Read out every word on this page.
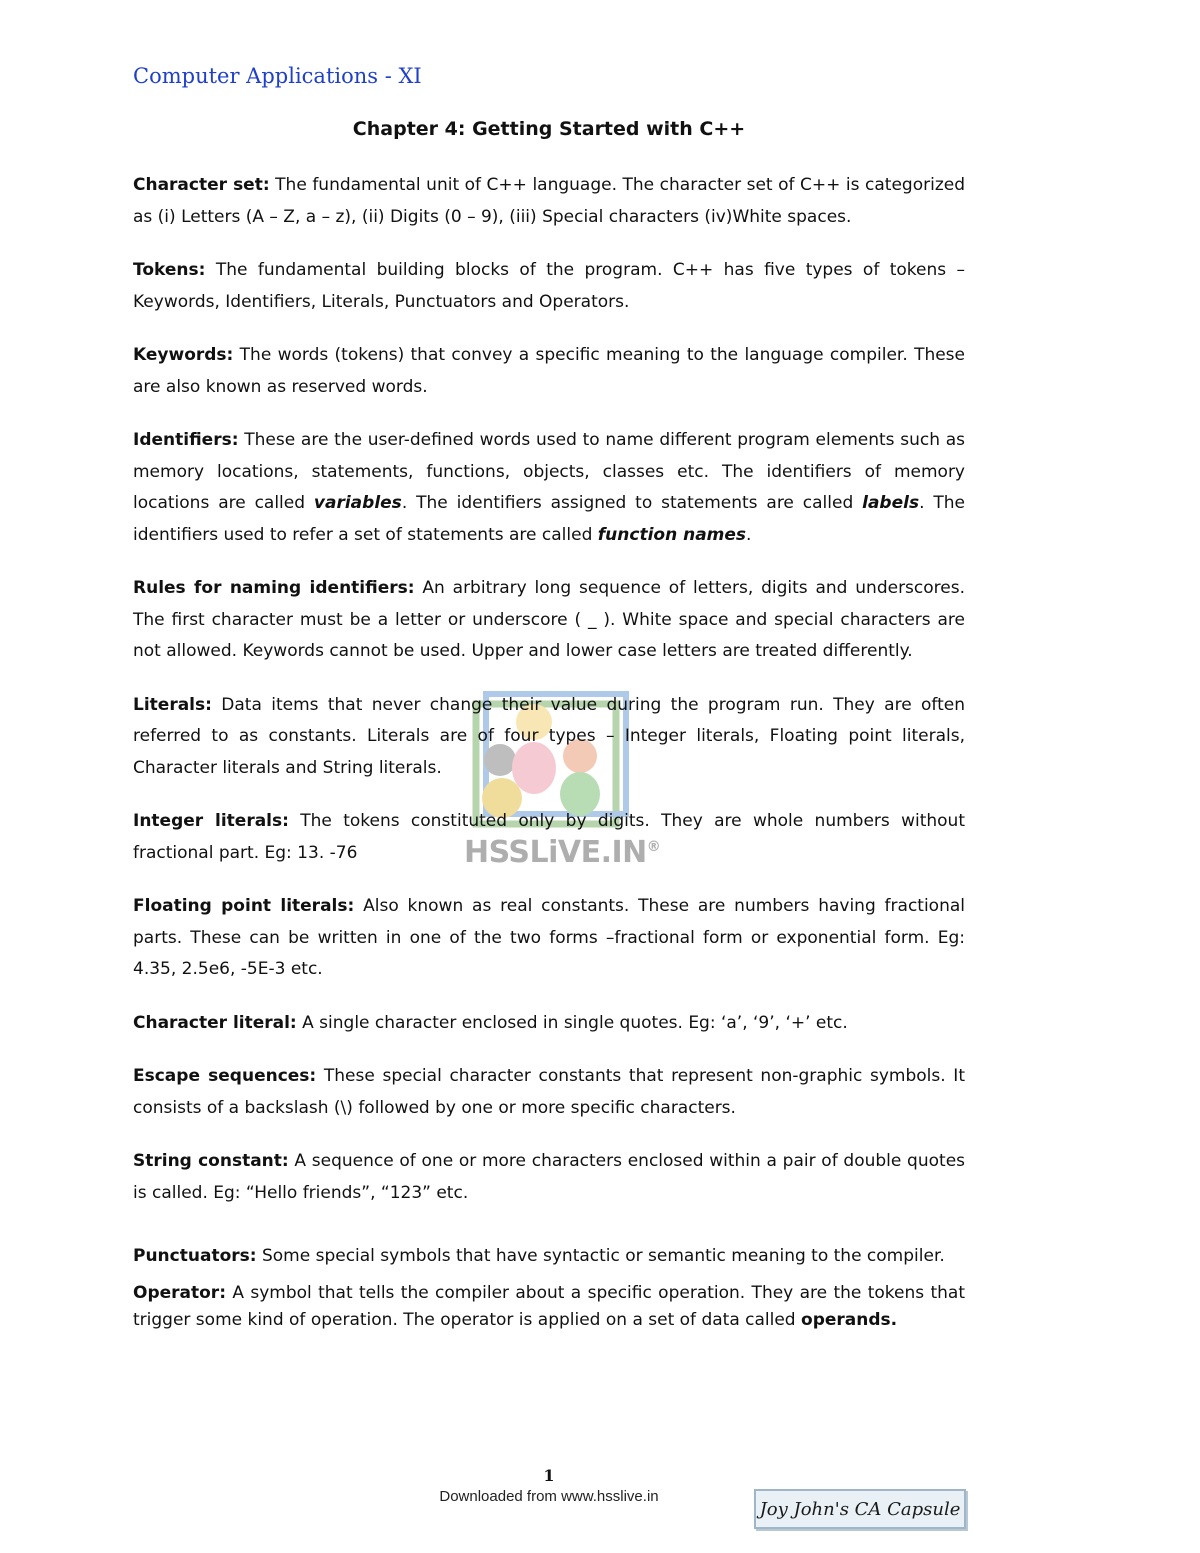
Computer Applications - XI
Chapter 4: Getting Started with C++
HSSLiVE.IN®

Character set: The fundamental unit of C++ language. The character set of C++ is categorized as (i) Letters (A – Z, a – z), (ii) Digits (0 – 9), (iii) Special characters (iv)White spaces.

Tokens: The fundamental building blocks of the program. C++ has five types of tokens – Keywords, Identifiers, Literals, Punctuators and Operators.

Keywords: The words (tokens) that convey a specific meaning to the language compiler. These are also known as reserved words.

Identifiers: These are the user-defined words used to name different program elements such as memory locations, statements, functions, objects, classes etc. The identifiers of memory locations are called variables. The identifiers assigned to statements are called labels. The identifiers used to refer a set of statements are called function names.

Rules for naming identifiers: An arbitrary long sequence of letters, digits and underscores. The first character must be a letter or underscore ( _ ). White space and special characters are not allowed. Keywords cannot be used. Upper and lower case letters are treated differently.

Literals: Data items that never change their value during the program run. They are often referred to as constants. Literals are of four types – Integer literals, Floating point literals, Character literals and String literals.

Integer literals: The tokens constituted only by digits. They are whole numbers without fractional part. Eg: 13. -76

Floating point literals: Also known as real constants. These are numbers having fractional parts. These can be written in one of the two forms –fractional form or exponential form. Eg: 4.35, 2.5e6, -5E-3 etc.

Character literal: A single character enclosed in single quotes. Eg: ‘a’, ‘9’, ‘+’ etc.

Escape sequences: These special character constants that represent non-graphic symbols. It consists of a backslash (\) followed by one or more specific characters.

String constant: A sequence of one or more characters enclosed within a pair of double quotes is called. Eg: “Hello friends”, “123” etc.

Punctuators: Some special symbols that have syntactic or semantic meaning to the compiler.

Operator: A symbol that tells the compiler about a specific operation. They are the tokens that trigger some kind of operation. The operator is applied on a set of data called operands.

1
Downloaded from www.hsslive.in
Joy John's CA Capsule
